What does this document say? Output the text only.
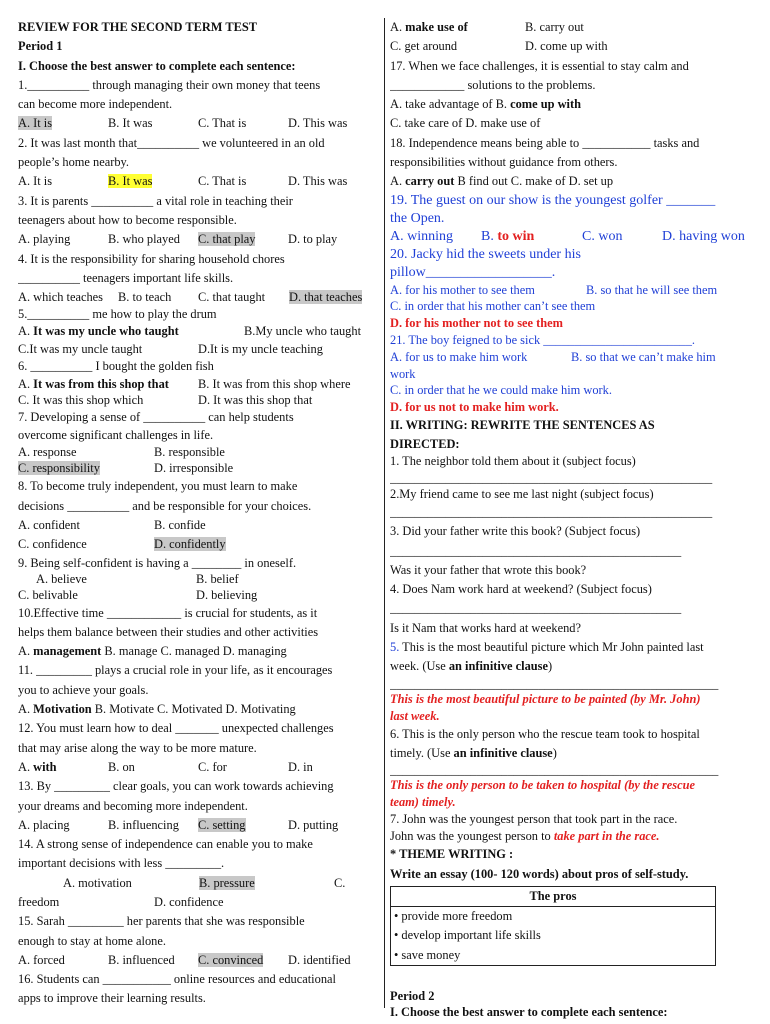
REVIEW FOR THE SECOND TERM TEST
Period 1
I. Choose the best answer to complete each sentence:
1.__________ through managing their own money that teens
can become more independent.
A. It is	B. It was	C. That is	D. This was
2. It was last month that__________ we volunteered in an old
people’s home nearby.
A. It is	B. It was	C. That is	D. This was
3. It is parents __________ a vital role in teaching their
teenagers about how to become responsible.
A. playing	B. who played	C. that play	D. to play
4. It is the responsibility for sharing household chores
__________ teenagers important life skills.
A. which teaches	B. to teach	C. that taught	D. that teaches
5.__________ me how to play the drum
A. It was my uncle who taught	B.My uncle who taught
C.It was my uncle taught	D.It is my uncle teaching
6. __________ I bought the golden fish
A. It was from this shop that	B. It was from this shop where
C. It was this shop which	D. It was this shop that
7. Developing a sense of __________ can help students
overcome significant challenges in life.
A. response	B. responsible
C. responsibility	D. irresponsible
8. To become truly independent, you must learn to make
decisions __________ and be responsible for your choices.
A. confident	B. confide
C. confidence	D. confidently
9. Being self-confident is having a ________ in oneself.
A. believe	B. belief
C. belivable	D. believing
10.Effective time ____________ is crucial for students, as it
helps them balance between their studies and other activities
A. management B. manage C. managed D. managing
11. _________ plays a crucial role in your life, as it encourages
you to achieve your goals.
A. Motivation B. Motivate C. Motivated D. Motivating
12. You must learn how to deal _______ unexpected challenges
that may arise along the way to be more mature.
A. with	B. on	C. for	D. in
13. By _________ clear goals, you can work towards achieving
your dreams and becoming more independent.
A. placing	B. influencing	C. setting	D. putting
14. A strong sense of independence can enable you to make
important decisions with less _________.
A. motivation	B. pressure	C.
freedom	D. confidence
15. Sarah _________ her parents that she was responsible
enough to stay at home alone.
A. forced	B. influenced	C. convinced	D. identified
16. Students can ___________ online resources and educational
apps to improve their learning results.
A. make use of	B. carry out
C. get around	D. come up with
17. When we face challenges, it is essential to stay calm and
____________ solutions to the problems.
A. take advantage of B. come up with
C. take care of D. make use of
18. Independence means being able to ___________ tasks and
responsibilities without guidance from others.
A. carry out B find out C. make of D. set up
19. The guest on our show is the youngest golfer _______
the Open.
A. winning	B. to win	C. won	D. having won
20. Jacky hid the sweets under his
pillow__________________.
A. for his mother to see them	B. so that he will see them
C. in order that his mother can’t see them
D. for his mother not to see them
21. The boy feigned to be sick ________________________.
A. for us to make him work	B. so that we can’t make him
work
C. in order that he we could make him work.
D. for us not to make him work.
II. WRITING: REWRITE THE SENTENCES AS
DIRECTED:
1. The neighbor told them about it (subject focus)
____________________________________________________
2.My friend came to see me last night (subject focus)
____________________________________________________
3. Did your father write this book? (Subject focus)
_______________________________________________
Was it your father that wrote this book?
4. Does Nam work hard at weekend? (Subject focus)
_______________________________________________
Is it Nam that works hard at weekend?
5. This is the most beautiful picture which Mr John painted last
week. (Use an infinitive clause)
_____________________________________________________
This is the most beautiful picture to be painted (by Mr. John)
last week.
6. This is the only person who the rescue team took to hospital
timely. (Use an infinitive clause)
_____________________________________________________
This is the only person to be taken to hospital (by the rescue
team) timely.
7. John was the youngest person that took part in the race.
John was the youngest person to take part in the race.
* THEME WRITING :
Write an essay (100- 120 words) about pros of self-study.
The pros
• provide more freedom
• develop important life skills
• save money
Period 2
I. Choose the best answer to complete each sentence:
